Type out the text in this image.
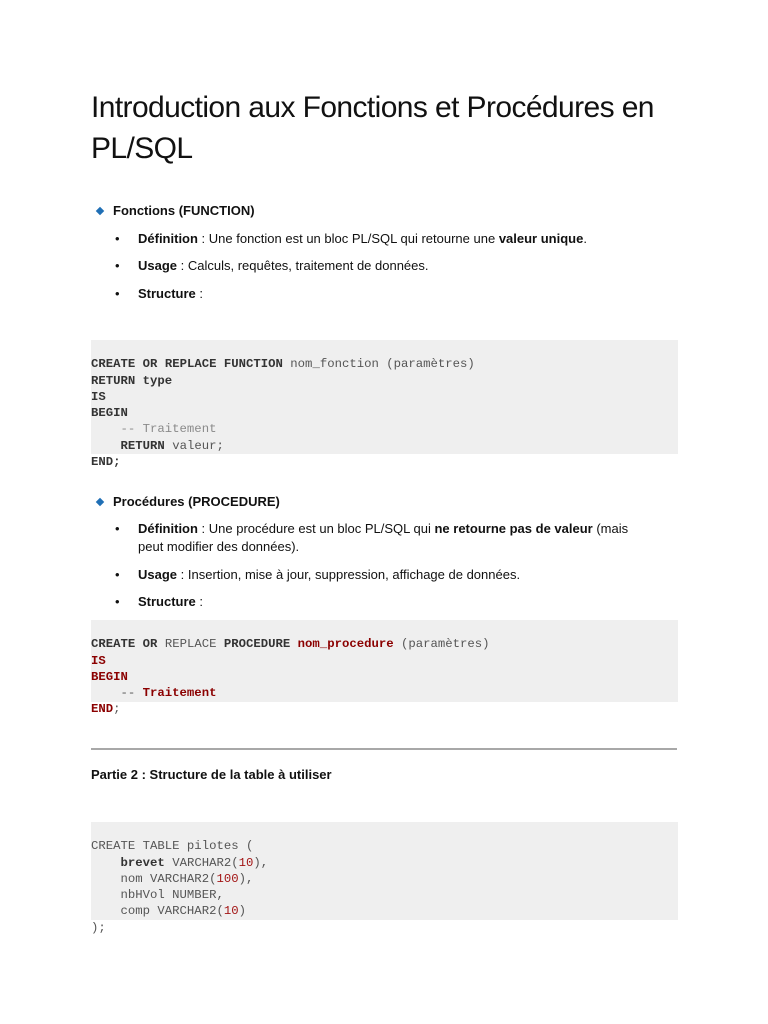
Introduction aux Fonctions et Procédures en PL/SQL
Fonctions (FUNCTION)
• Définition : Une fonction est un bloc PL/SQL qui retourne une valeur unique.
• Usage : Calculs, requêtes, traitement de données.
• Structure :

CREATE OR REPLACE FUNCTION nom_fonction (paramètres)
RETURN type
IS
BEGIN
-- Traitement
RETURN valeur;
END;
Procédures (PROCEDURE)
• Définition : Une procédure est un bloc PL/SQL qui ne retourne pas de valeur (mais peut modifier des données).
• Usage : Insertion, mise à jour, suppression, affichage de données.
• Structure :

CREATE OR REPLACE PROCEDURE nom_procedure (paramètres)
IS
BEGIN
-- Traitement
END;
Partie 2 : Structure de la table à utiliser

CREATE TABLE pilotes (
brevet VARCHAR2(10),
nom VARCHAR2(100),
nbHVol NUMBER,
comp VARCHAR2(10)
);
